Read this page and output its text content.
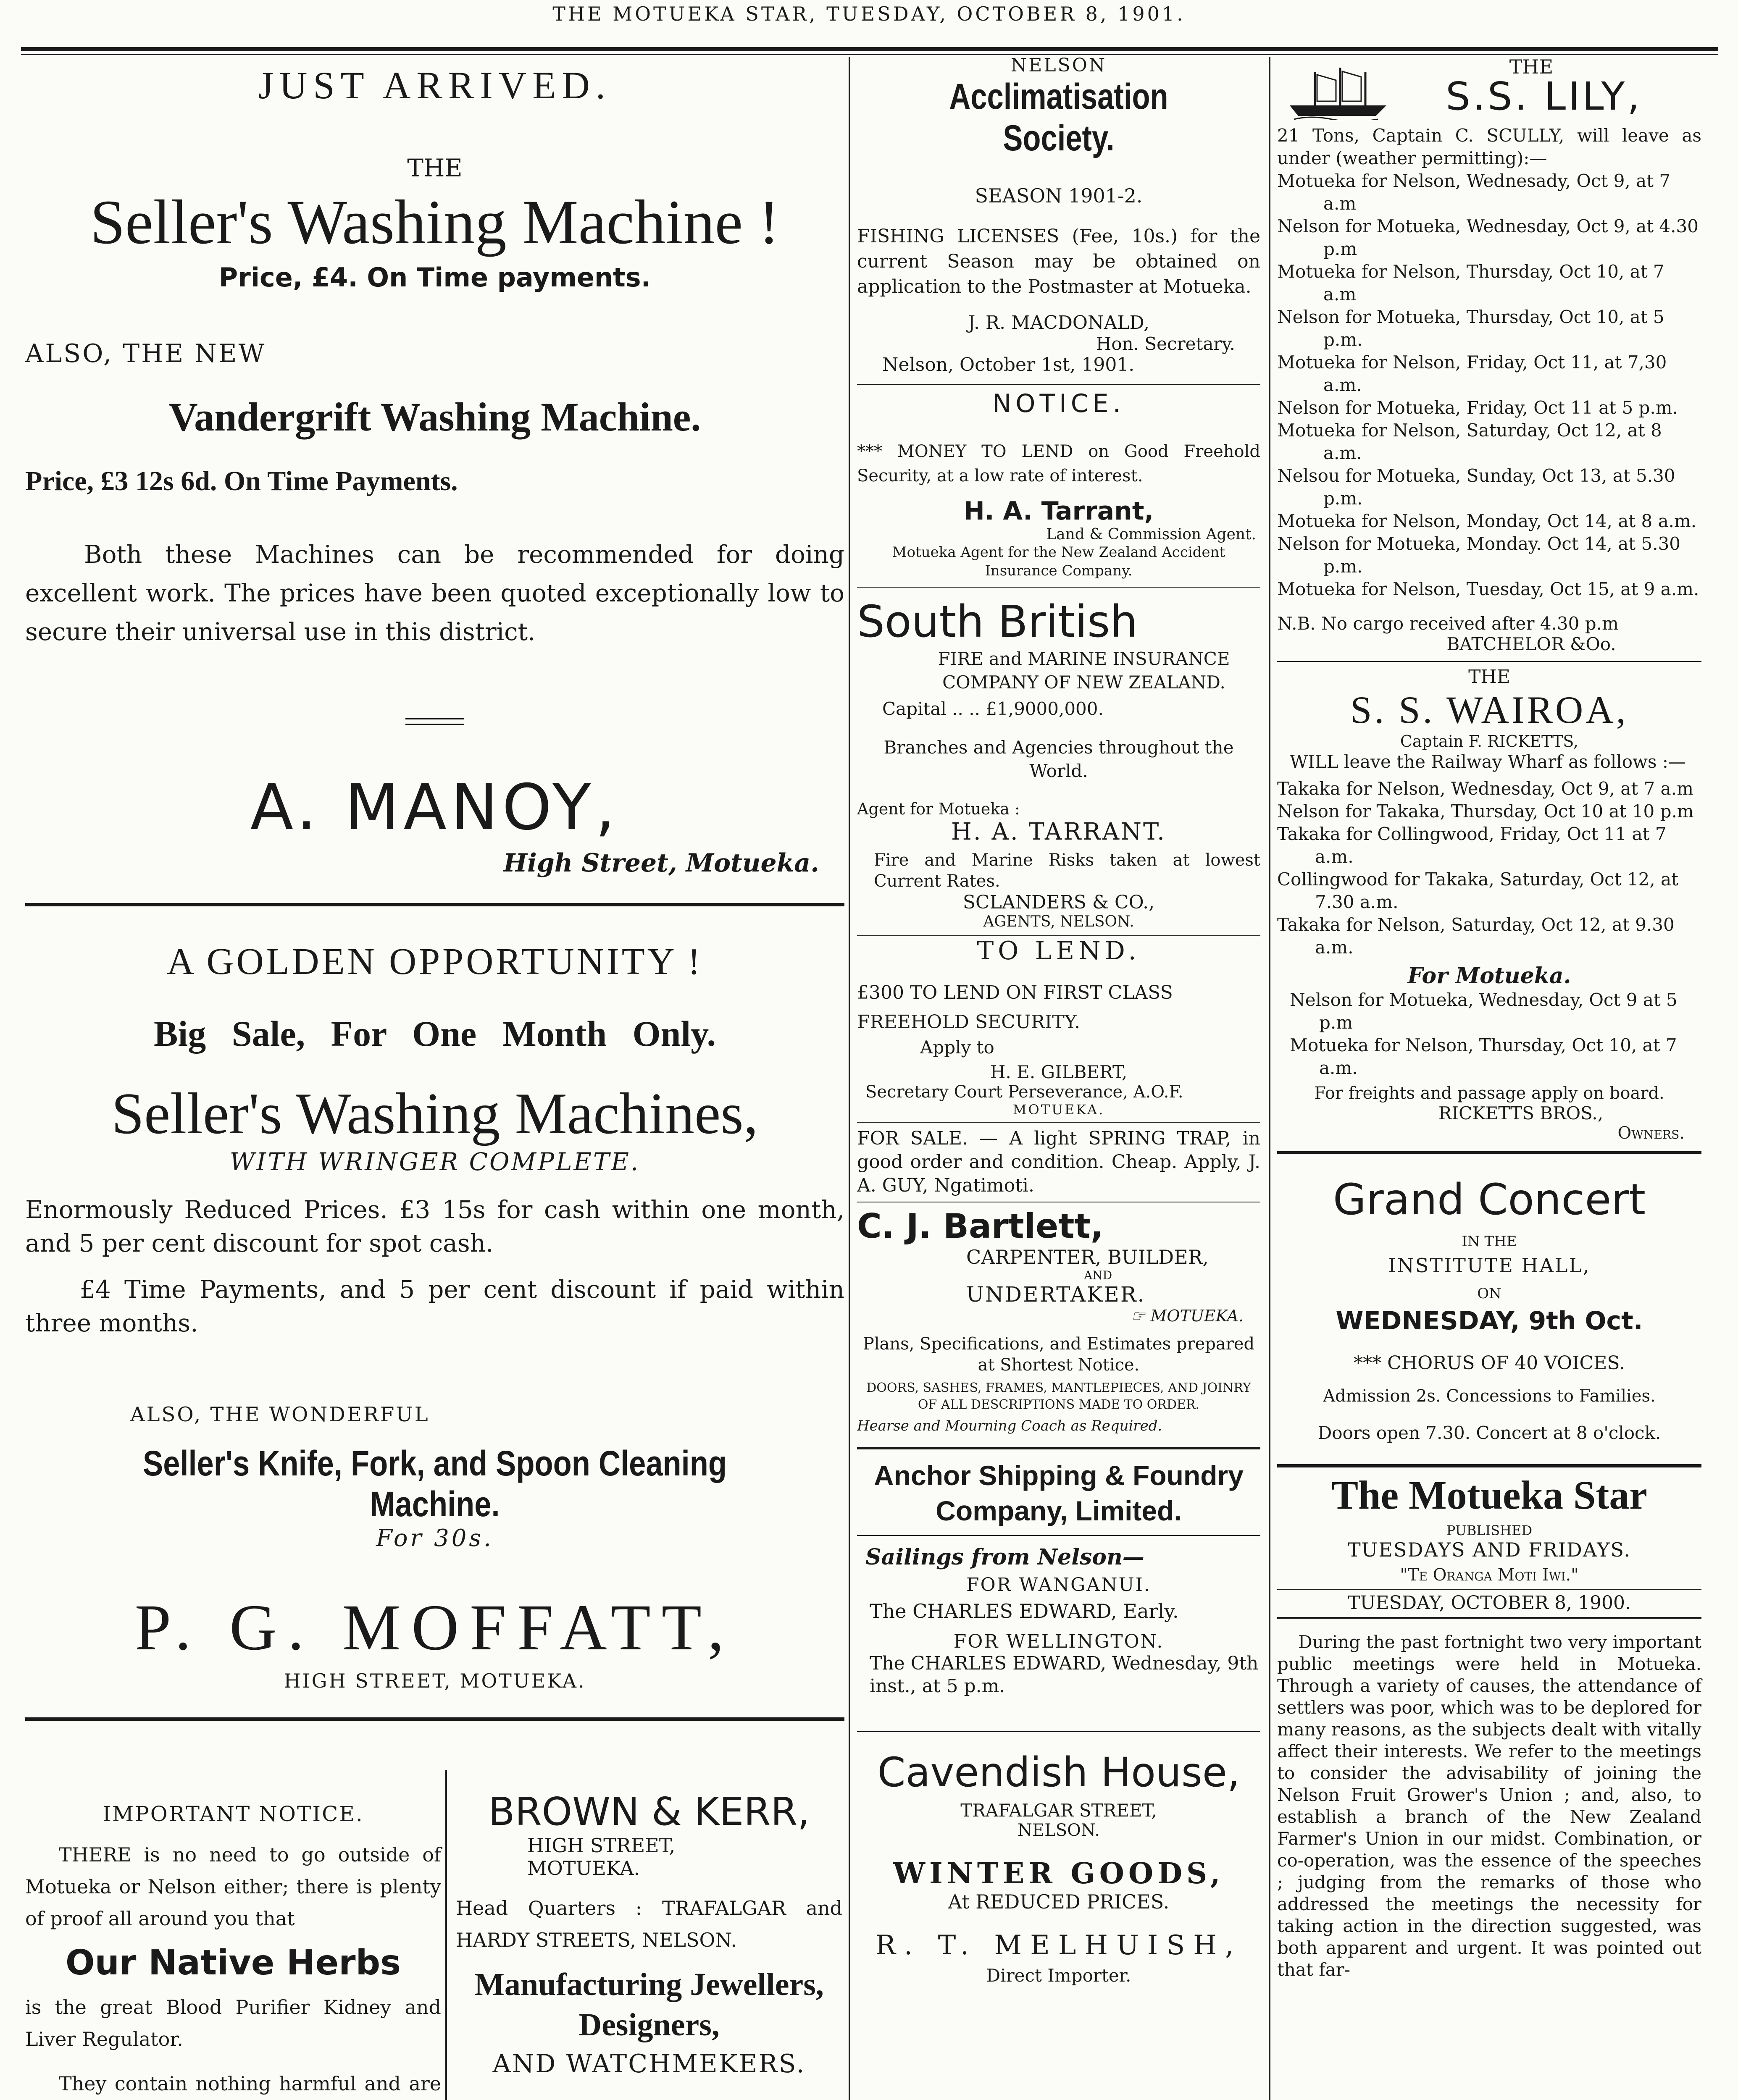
THE MOTUEKA STAR, TUESDAY, OCTOBER 8, 1901.
JUST ARRIVED.
THE
Seller's Washing Machine !
Price, £4. On Time payments.
ALSO, THE NEW
Vandergrift Washing Machine.
Price, £3 12s 6d. On Time Payments.

Both these Machines can be recommended for doing excellent work. The prices have been quoted exceptionally low to secure their universal use in this district.

A. MANOY,
High Street, Motueka.
A GOLDEN OPPORTUNITY !
Big Sale, For One Month Only.
Seller's Washing Machines,
WITH WRINGER COMPLETE.

Enormously Reduced Prices. £3 15s for cash within one month, and 5 per cent discount for spot cash.

£4 Time Payments, and 5 per cent discount if paid within three months.

ALSO, THE WONDERFUL
Seller's Knife, Fork, and Spoon Cleaning Machine.
For 30s.
P. G. MOFFATT,
HIGH STREET, MOTUEKA.
IMPORTANT NOTICE.

THERE is no need to go outside of Motueka or Nelson either; there is plenty of proof all around you that

Our Native Herbs

is the great Blood Purifier Kidney and Liver Regulator.

They contain nothing harmful and are

BROWN & KERR,
HIGH STREET,
MOTUEKA.

Head Quarters : TRAFALGAR and HARDY STREETS, NELSON.

Manufacturing Jewellers, Designers,
AND WATCHMEKERS.

NELSON
Acclimatisation Society.
SEASON 1901-2.

FISHING LICENSES (Fee, 10s.) for the current Season may be obtained on application to the Postmaster at Motueka.

J. R. MACDONALD,
Hon. Secretary.
Nelson, October 1st, 1901.
NOTICE.

*** MONEY TO LEND on Good Freehold Security, at a low rate of interest.

H. A. Tarrant,
Land & Commission Agent.
Motueka Agent for the New Zealand Accident Insurance Company.
South British
FIRE and MARINE INSURANCE COMPANY OF NEW ZEALAND.
Capital .. .. £1,9000,000.

Branches and Agencies throughout the World.

Agent for Motueka :
H. A. TARRANT.

Fire and Marine Risks taken at lowest Current Rates.

SCLANDERS & CO.,
AGENTS, NELSON.
TO LEND.

£300 TO LEND ON FIRST CLASS FREEHOLD SECURITY.

Apply to
H. E. GILBERT,
Secretary Court Perseverance, A.O.F.
MOTUEKA.

FOR SALE. — A light SPRING TRAP, in good order and condition. Cheap. Apply, J. A. GUY, Ngatimoti.

C. J. Bartlett,
CARPENTER, BUILDER,
AND
UNDERTAKER.
☞ MOTUEKA.

Plans, Specifications, and Estimates prepared at Shortest Notice.

DOORS, SASHES, FRAMES, MANTLEPIECES, AND JOINRY OF ALL DESCRIPTIONS MADE TO ORDER.

Hearse and Mourning Coach as Required.
Anchor Shipping & Foundry Company, Limited.
Sailings from Nelson—
FOR WANGANUI.
The CHARLES EDWARD, Early.
FOR WELLINGTON.

The CHARLES EDWARD, Wednesday, 9th inst., at 5 p.m.

Cavendish House,
TRAFALGAR STREET,
NELSON.
WINTER GOODS,
At REDUCED PRICES.
R. T. MELHUISH,
Direct Importer.
THE
S.S. LILY,

21 Tons, Captain C. SCULLY, will leave as under (weather permitting):—

Motueka for Nelson, Wednesady, Oct 9, at 7 a.m
Nelson for Motueka, Wednesday, Oct 9, at 4.30 p.m
Motueka for Nelson, Thursday, Oct 10, at 7 a.m
Nelson for Motueka, Thursday, Oct 10, at 5 p.m.
Motueka for Nelson, Friday, Oct 11, at 7,30 a.m.
Nelson for Motueka, Friday, Oct 11 at 5 p.m.
Motueka for Nelson, Saturday, Oct 12, at 8 a.m.
Nelsou for Motueka, Sunday, Oct 13, at 5.30 p.m.
Motueka for Nelson, Monday, Oct 14, at 8 a.m.
Nelson for Motueka, Monday. Oct 14, at 5.30 p.m.
Motueka for Nelson, Tuesday, Oct 15, at 9 a.m.
N.B. No cargo received after 4.30 p.m
BATCHELOR &Oo.
THE
S. S. WAIROA,
Captain F. RICKETTS,

WILL leave the Railway Wharf as follows :—

Takaka for Nelson, Wednesday, Oct 9, at 7 a.m
Nelson for Takaka, Thursday, Oct 10 at 10 p.m
Takaka for Collingwood, Friday, Oct 11 at 7 a.m.
Collingwood for Takaka, Saturday, Oct 12, at 7.30 a.m.
Takaka for Nelson, Saturday, Oct 12, at 9.30 a.m.
For Motueka.
Nelson for Motueka, Wednesday, Oct 9 at 5 p.m
Motueka for Nelson, Thursday, Oct 10, at 7 a.m.
For freights and passage apply on board.
RICKETTS BROS.,
Owners.
Grand Concert
IN THE
INSTITUTE HALL,
ON
WEDNESDAY, 9th Oct.
*** CHORUS OF 40 VOICES.
Admission 2s. Concessions to Families.
Doors open 7.30. Concert at 8 o'clock.
The Motueka Star
PUBLISHED
TUESDAYS AND FRIDAYS.
"Te Oranga Moti Iwi."
TUESDAY, OCTOBER 8, 1900.

During the past fortnight two very important public meetings were held in Motueka. Through a variety of causes, the attendance of settlers was poor, which was to be deplored for many reasons, as the subjects dealt with vitally affect their interests. We refer to the meetings to consider the advisability of joining the Nelson Fruit Grower's Union ; and, also, to establish a branch of the New Zealand Farmer's Union in our midst. Combination, or co-operation, was the essence of the speeches ; judging from the remarks of those who addressed the meetings the necessity for taking action in the direction suggested, was both apparent and urgent. It was pointed out that far-
